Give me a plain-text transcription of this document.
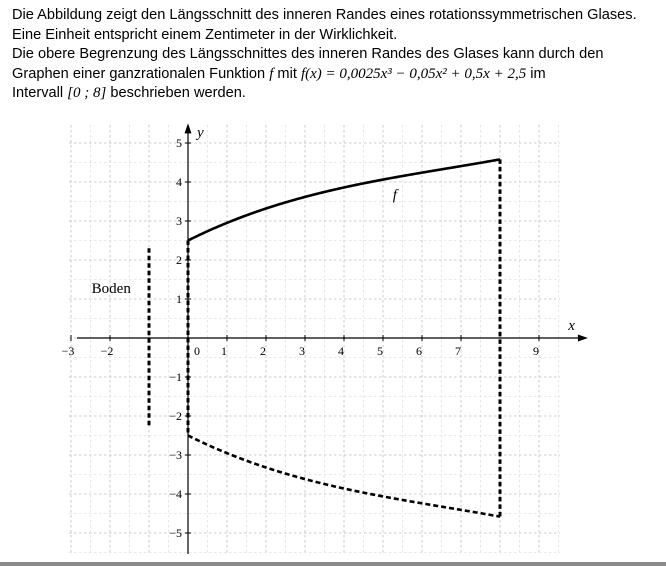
Die Abbildung zeigt den Längsschnitt des inneren Randes eines rotationssymmetrischen Glases.

Eine Einheit entspricht einem Zentimeter in der Wirklichkeit.

Die obere Begrenzung des Längsschnittes des inneren Randes des Glases kann durch den

Graphen einer ganzrationalen Funktion f mit f(x) = 0,0025x³ − 0,05x² + 0,5x + 2,5 im

Intervall [0 ; 8] beschrieben werden.

−3 −2	0 1	2	3	4	5	6	7	9
5
4
3
2
1
−1
−2
−3
−4
−5
x
y
Boden
f
